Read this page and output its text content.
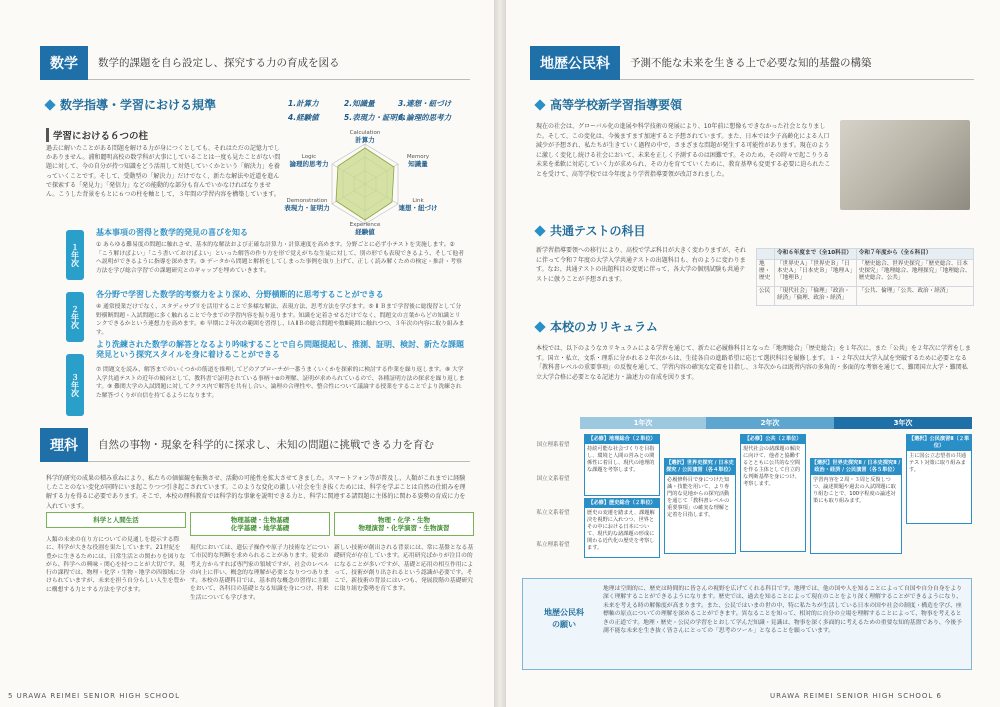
数学	数学的課題を自ら設定し、探究する力の育成を図る
数学指導・学習における規準	1.計算力	2.知識量	3.連想・紐づけ
4.経験値	5.表現力・証明力
6.論理的思考力
Calculation
計算力
Memory
知識量
Link
連想・紐づけ
Experience
経験値
Demonstration
表現力・証明力
Logic
論理的思考力
学習における６つの柱
過去に解いたことがある問題を解ける力が身につくとしても、それはただの記憶力でしかありません。浦和麗明高校の数学科が大事にしていることは一度も見たことがない問題に対して、今の自分が持つ知識をどう活用して対処していくかという「解決力」を養っていくことです。そして、受動型の「解決力」だけでなく、新たな解法や近道を進んで探索する「発見力」「発信力」などの能動的な部分も育んでいかなければなりません。こうした背景をもとに６つの柱を軸として、３年間の学習内容を構築しています。
１年次
基本事項の習得と数学的発見の喜びを知る
① あらゆる難易度の問題に触れさせ、基本的な解法および正確な計算力・計算速度を高めます。分野ごとに必ず小テストを実施します。② 「こう解けばよい」「こう書いておけばよい」といった解答の作り方を形で覚えがちな生徒に対して、別の形でも表現できるよう、そして他者へ説明ができるように指導を深めます。③ データから問題と解析をしてしまった事例を取り上げて、正しく読み解くための検定・推計・考察方法を学び総合学習での課題研究とのギャップを埋めていきます。
２年次
各分野で学習した数学的考察力をより深め、分野横断的に思考することができる
④ 通常授業だけでなく、スタディサプリを活用することで多様な解法、表現方法、思考方法を学びます。⑤ Ⅱ Ｂまで学習後に総復習として分野横断問題・入試問題に多く触れることで今までの学習内容を振り返ります。知識を定着させるだけでなく、問題文の言葉からどの知識とリンクできるかという連想力を高めます。⑥ 早期に２年次の範囲を習得し、ⅠＡⅡＢの総合問題や数Ⅲ範囲に触れつつ、３年次の内容に取り組みます。
３年次
より洗練された数学の解答となるより吟味することで自ら問題提起し、推測、証明、検討、新たな課題発見という探究スタイルを身に着けることができる
⑦ 問題文を読み、解答までのいくつかの筋道を推理してどのアプローチが一番うまくいくかを探索的に検討する作業を繰り返します。⑧ 大学入学共通テストの近年の傾向として、教科書で証明されている事柄＋αの理解、証明が求められているので、各種証明方法の探求を繰り返します。⑨ 難関大学の入試問題に対してクラス内で解答を共有し合い、論理の合理性や、整合性について議論する授業をすることでより洗練された解答づくりが自信を持てるようになります。
理科	自然の事物・現象を科学的に探求し、未知の問題に挑戦できる力を育む
科学的研究の成果の積み重ねにより、私たちの価値観を転換させ、活動の可能性を拡大させてきました。スマートフォン等が普及し、人類がこれまでに経験したことのない変化が同時にいま起こりつつ引き起こされています。このような変化の激しい社会を生き抜くためには、科学を学ぶことは自然の仕組みを理解する力を得るに必要であります。そこで、本校の理科教育では科学的な事象を説明できる力と、科学に関連する諸問題に主体的に関わる姿勢の育成に力を入れています。
科学と人間生活
人類の未来の在り方についての見通しを提示する際に、科学が大きな役割を果たしています。21世紀を豊かに生きるためには、日常生活との関わりを図りながら、科学への興味・関心を持つことが大切です。現行の課程では、物理・化学・生物・地学の四領域に分けられていますが、未来を担う自分らしい人生を豊かに構想する力とする方法を学びます。
物理基礎・生物基礎
化学基礎・地学基礎
現代においては、遺伝子操作や原子力技術などについて市民的な判断を求められることがあります。従来の考え方からすれば専門家の領域ですが、社会のレベルの向上に伴い、概念的な理解が必要となりつつあります。本校の基礎科目では、基本的な概念の習得に主眼をおいて、各科目の基礎となる知識を身につけ、将来生活についても学びます。
物理・化学・生物
物理演習・化学演習・生物演習
新しい技術が創出される背景には、常に基盤となる基礎研究が存在しています。応用研究ばかりが注目の的になることが多いですが、基礎と応用の相互作用によって、技術が創り出されるという認識が必要です。そこで、新技術の背景にはいつも、発展段階の基礎研究に取り組む姿勢を育てます。
5 URAWA REIMEI SENIOR HIGH SCHOOL
地歴公民科	予測不能な未来を生きる上で必要な知的基盤の構築
高等学校新学習指導要領
現在の社会は、グローバル化の進展や科学技術の発展により、10年前に想像もできなかった社会となりました。そして、この変化は、今後ますます加速すると予想されています。また、日本では少子高齢化による人口減少が予想され、私たちが生きていく過程の中で、さまざまな問題が発生する可能性があります。現在のように激しく変化し続ける社会において、未来を正しく予測するのは困難です。そのため、その時々で起こりうる未来を柔軟に対応していく力が求められ、その力を育てていくために、教育基準も変更する必要に迫られたことを受けて、高等学校では今年度より学習指導要領が改訂されました。
共通テストの科目
新学習指導要領への移行により、高校で学ぶ科目が大きく変わりますが、それに伴って令和７年度の大学入学共通テストの出題科目も、右のように変わります。なお、共通テストの出題科目の変更に伴って、各大学の個別試験も共通テストに倣うことが予想されます。
	令和６年度まで（全10科目）	令和７年度から（全６科目）
地歴・歴史	「世界史Ａ」「世界史Ｂ」「日本史Ａ」「日本史Ｂ」「地理Ａ」「地理Ｂ」	「歴史総合、世界史探究」「歴史総合、日本史探究」「地理総合、地理探究」「地理総合、歴史総合、公共」
公民	「現代社会」「倫理」「政治・経済」「倫理、政治・経済」	「公共、倫理」「公共、政治・経済」
本校のカリキュラム
本校では、以下のようなカリキュラムによる学習を通じて、新たに必履修科目となった「地理総合」「歴史総合」を１年次に、また「公共」を２年次に学習をします。国立・私立、文系・理系に分かれる２年次からは、生徒各自の進路希望に応じて選択科目を履修します。１・２年次は大学入試を突破するために必要となる「教科書レベルの重要事項」の反復を通して、学習内容の確実な定着を目指し、３年次からは既習内容の多角的・多面的な考察を通じて、難関国立大学・難関私立大学合格に必要となる記述力・論述力の育成を図ります。
1年次	2年次	3年次
国立理系着望
国立文系着望
私立文系着望
私立理系着望
【必修】地理総合（２単位）
持続可能な社会づくりを目指し、環境と人間の営みとの関係性に着目し、現代の地理的な課題を考察します。
【必修】歴史総合（２単位）
歴史の変遷を踏まえ、課題解決を視野に入れつつ、世界とその中における日本について、現代的な諸課題の形成に関わる近代化の歴史を考察します。
【選択】世界史探究 / 日本史探究 / 公民演習（各４単位）
必履修科目で身につけた知識・技能を用いて、より専門的な見地からの探究活動を通じて「教科書レベルの重要事項」の確実な理解と定着を目指します。
【必修】公共（２単位）
現代社会の諸課題の解決に向けて、他者と協働するとともに公共的な空間を作る主体として自立的な判断基準を身につけ、考察します。
【選択】世界史探究Ⅱ / 日本史探究Ⅱ / 政治・経済 / 公民演習（各５単位）
学習内容を２周・３周と反復しつつ、論述問題や過去の入試問題に取り組むことで、100字程度の論述対策にも取り組みます。
【選択】公民演習Ⅱ（２単位）
主に国公立志望者の共通テスト対策に取り組みます。
地歴公民科
の願い
地理は空間的に、歴史は時間的に皆さんの視野を広げてくれる科目です。地理では、他の国や人を知ることによって自国や自分自身をより深く理解することができるようになります。歴史では、過去を知ることによって現在のことをより深く理解することができるようになり、未来を考える時の解像度が高まります。また、公民ではいまの世の中、特に私たちが生活している日本の国や社会の制度・構造を学び、座標軸の原点についての理解を深めることができます。異なることを知って、相対的に自分の立場を理解することによって、物事を考えるときの正道です。地理・歴史・公民の学習をとおして学んだ知識・見識は、物事を深く多面的に考えるための重要な知的基盤であり、今後予測不能な未来を生き抜く皆さんにとっての「思考のツール」となることを願っています。
URAWA REIMEI SENIOR HIGH SCHOOL 6
